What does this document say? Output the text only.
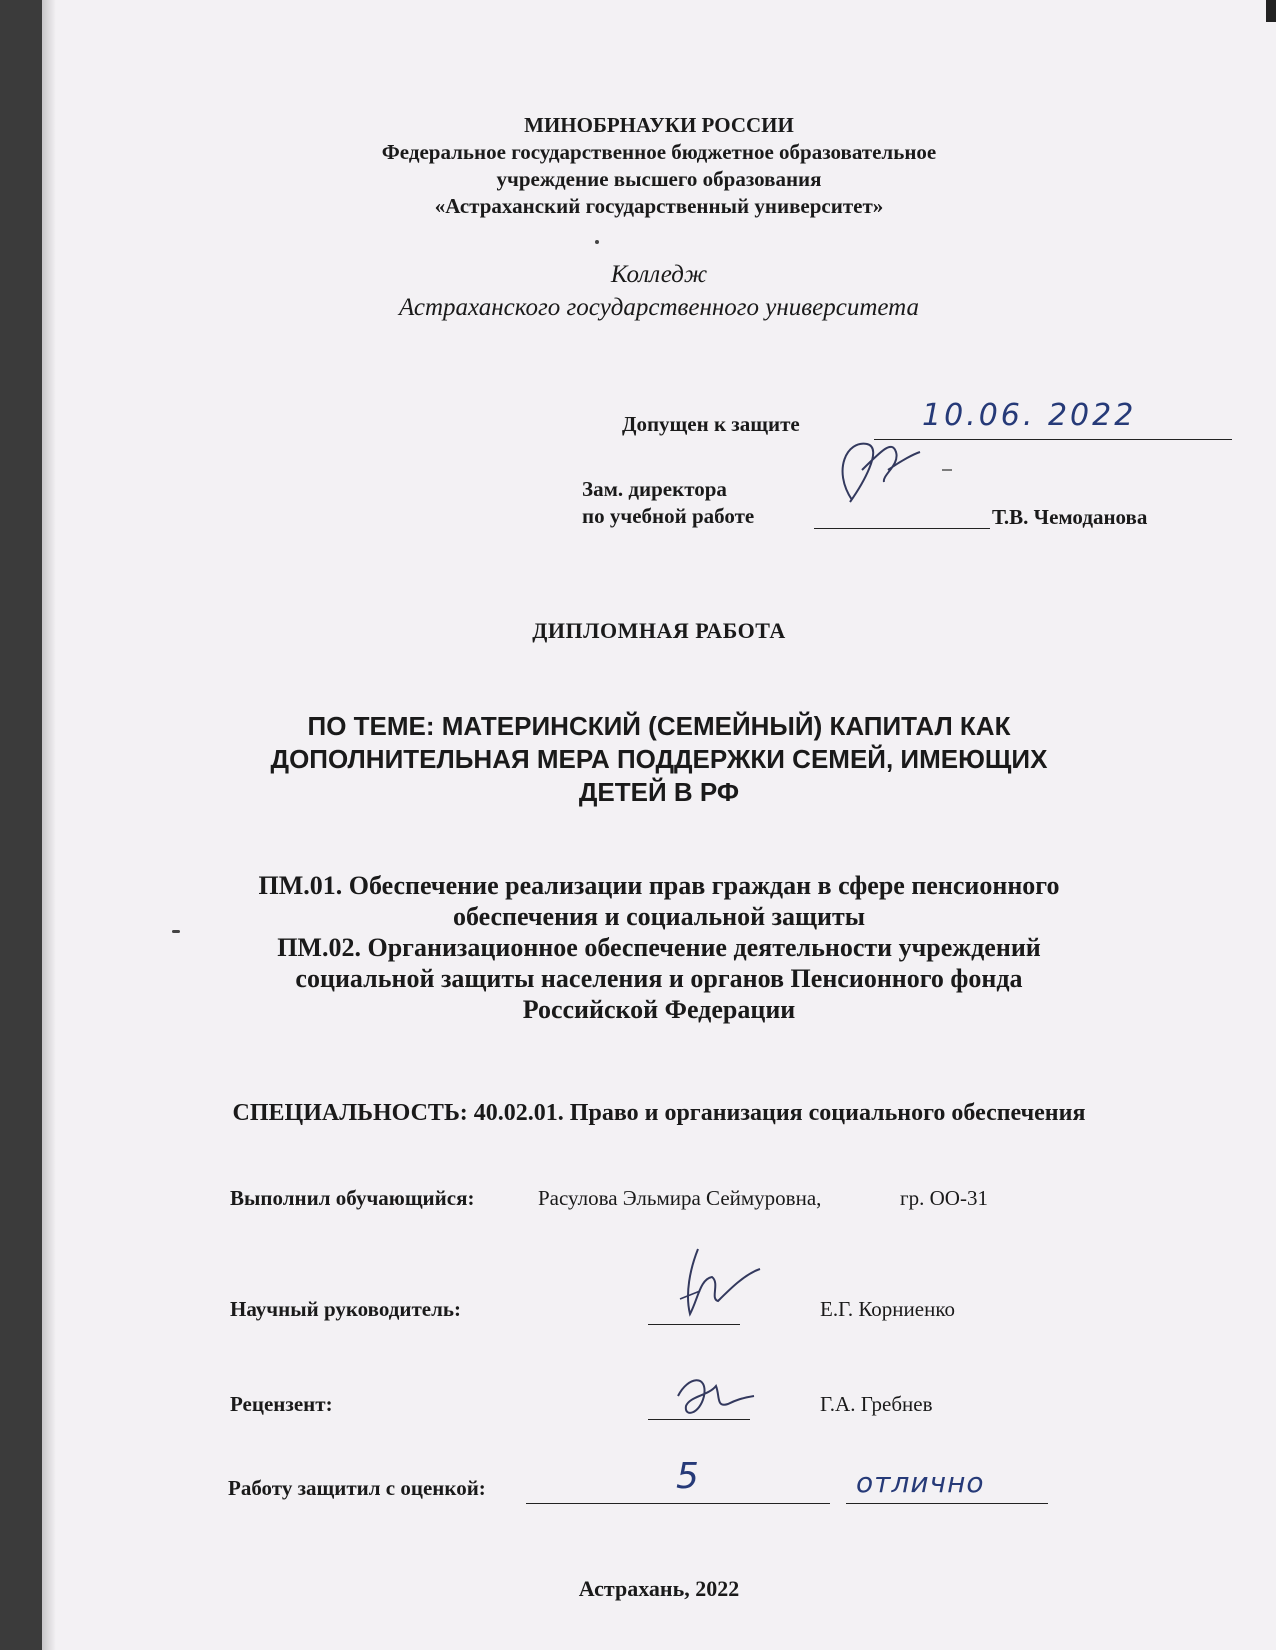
МИНОБРНАУКИ РОССИИ
Федеральное государственное бюджетное образовательное
учреждение высшего образования
«Астраханский государственный университет»
Колледж
Астраханского государственного университета
Допущен к защите	10.06. 2022
Зам. директора
по учебной работе	Т.В. Чемоданова
ДИПЛОМНАЯ РАБОТА
ПО ТЕМЕ: МАТЕРИНСКИЙ (СЕМЕЙНЫЙ) КАПИТАЛ КАК
ДОПОЛНИТЕЛЬНАЯ МЕРА ПОДДЕРЖКИ СЕМЕЙ, ИМЕЮЩИХ
ДЕТЕЙ В РФ
ПМ.01. Обеспечение реализации прав граждан в сфере пенсионного
обеспечения и социальной защиты
ПМ.02. Организационное обеспечение деятельности учреждений
социальной защиты населения и органов Пенсионного фонда
Российской Федерации
СПЕЦИАЛЬНОСТЬ: 40.02.01. Право и организация социального обеспечения
Выполнил обучающийся:	Расулова Эльмира Сеймуровна,	гр. ОО-31
Научный руководитель:	Е.Г. Корниенко
Рецензент:	Г.А. Гребнев
Работу защитил с оценкой:	5	отлично
Астрахань, 2022
